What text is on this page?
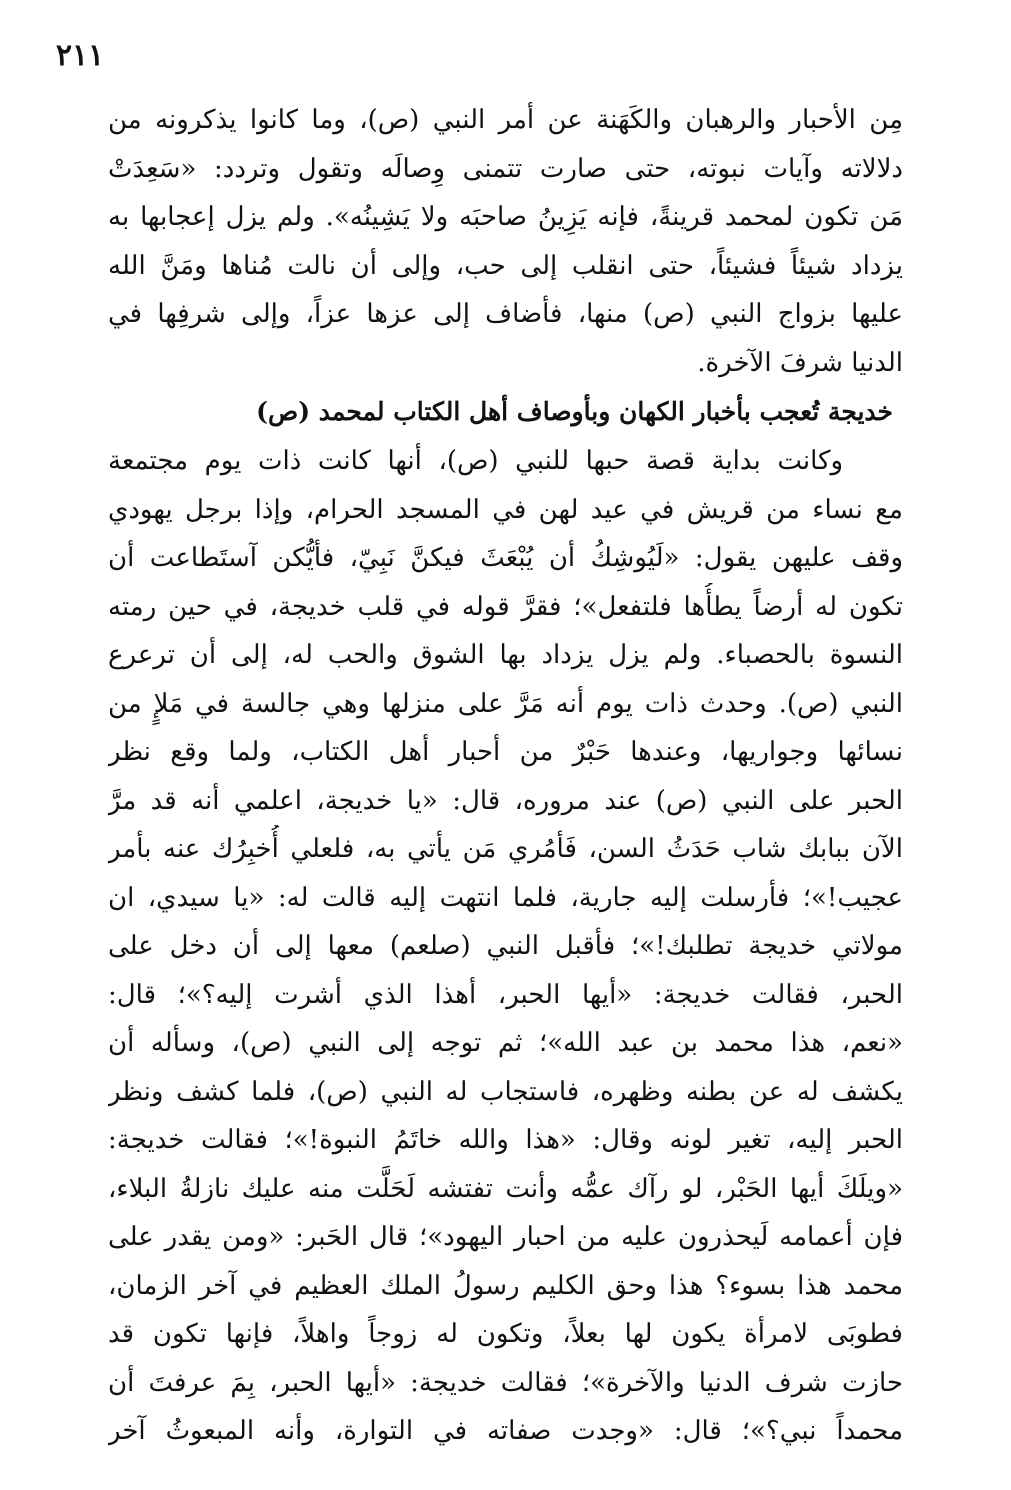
٢١١
مِن الأحبار والرهبان والكَهَنة عن أمر النبي (ص)، وما كانوا يذكرونه من
دلالاته وآيات نبوته، حتى صارت تتمنى وِصالَه وتقول وتردد: «سَعِدَتْ
مَن تكون لمحمد قرينةً، فإنه يَزِينُ صاحبَه ولا يَشِينُه». ولم يزل إعجابها به
يزداد شيئاً فشيئاً، حتى انقلب إلى حب، وإلى أن نالت مُناها ومَنَّ الله
عليها بزواج النبي (ص) منها، فأضاف إلى عزها عزاً، وإلى شرفِها في
الدنيا شرفَ الآخرة.
خديجة تُعجب بأخبار الكهان وبأوصاف أهل الكتاب لمحمد (ص)
وكانت بداية قصة حبها للنبي (ص)، أنها كانت ذات يوم مجتمعة
مع نساء من قريش في عيد لهن في المسجد الحرام، وإذا برجل يهودي
وقف عليهن يقول: «لَيُوشِكُ أن يُبْعَثَ فيكنَّ نَبِيّ، فأيُّكن آستَطاعت أن
تكون له أرضاً يطأُها فلتفعل»؛ فقرَّ قوله في قلب خديجة، في حين رمته
النسوة بالحصباء. ولم يزل يزداد بها الشوق والحب له، إلى أن ترعرع
النبي (ص). وحدث ذات يوم أنه مَرَّ على منزلها وهي جالسة في مَلإٍ من
نسائها وجواريها، وعندها حَبْرٌ من أحبار أهل الكتاب، ولما وقع نظر
الحبر على النبي (ص) عند مروره، قال: «يا خديجة، اعلمي أنه قد مرَّ
الآن ببابك شاب حَدَثُ السن، فَأمُري مَن يأتي به، فلعلي أُخبِرُك عنه بأمر
عجيب!»؛ فأرسلت إليه جارية، فلما انتهت إليه قالت له: «يا سيدي، ان
مولاتي خديجة تطلبك!»؛ فأقبل النبي (صلعم) معها إلى أن دخل على
الحبر، فقالت خديجة: «أيها الحبر، أهذا الذي أشرت إليه؟»؛ قال:
«نعم، هذا محمد بن عبد الله»؛ ثم توجه إلى النبي (ص)، وسأله أن
يكشف له عن بطنه وظهره، فاستجاب له النبي (ص)، فلما كشف ونظر
الحبر إليه، تغير لونه وقال: «هذا والله خاتَمُ النبوة!»؛ فقالت خديجة:
«ويلَكَ أيها الحَبْر، لو رآك عمُّه وأنت تفتشه لَحَلَّت منه عليك نازلةُ البلاء،
فإن أعمامه لَيحذرون عليه من احبار اليهود»؛ قال الحَبر: «ومن يقدر على
محمد هذا بسوء؟ هذا وحق الكليم رسولُ الملك العظيم في آخر الزمان،
فطوبَى لامرأة يكون لها بعلاً، وتكون له زوجاً واهلاً، فإنها تكون قد
حازت شرف الدنيا والآخرة»؛ فقالت خديجة: «أيها الحبر، بِمَ عرفتَ أن
محمداً نبي؟»؛ قال: «وجدت صفاته في التوارة، وأنه المبعوثُ آخر
